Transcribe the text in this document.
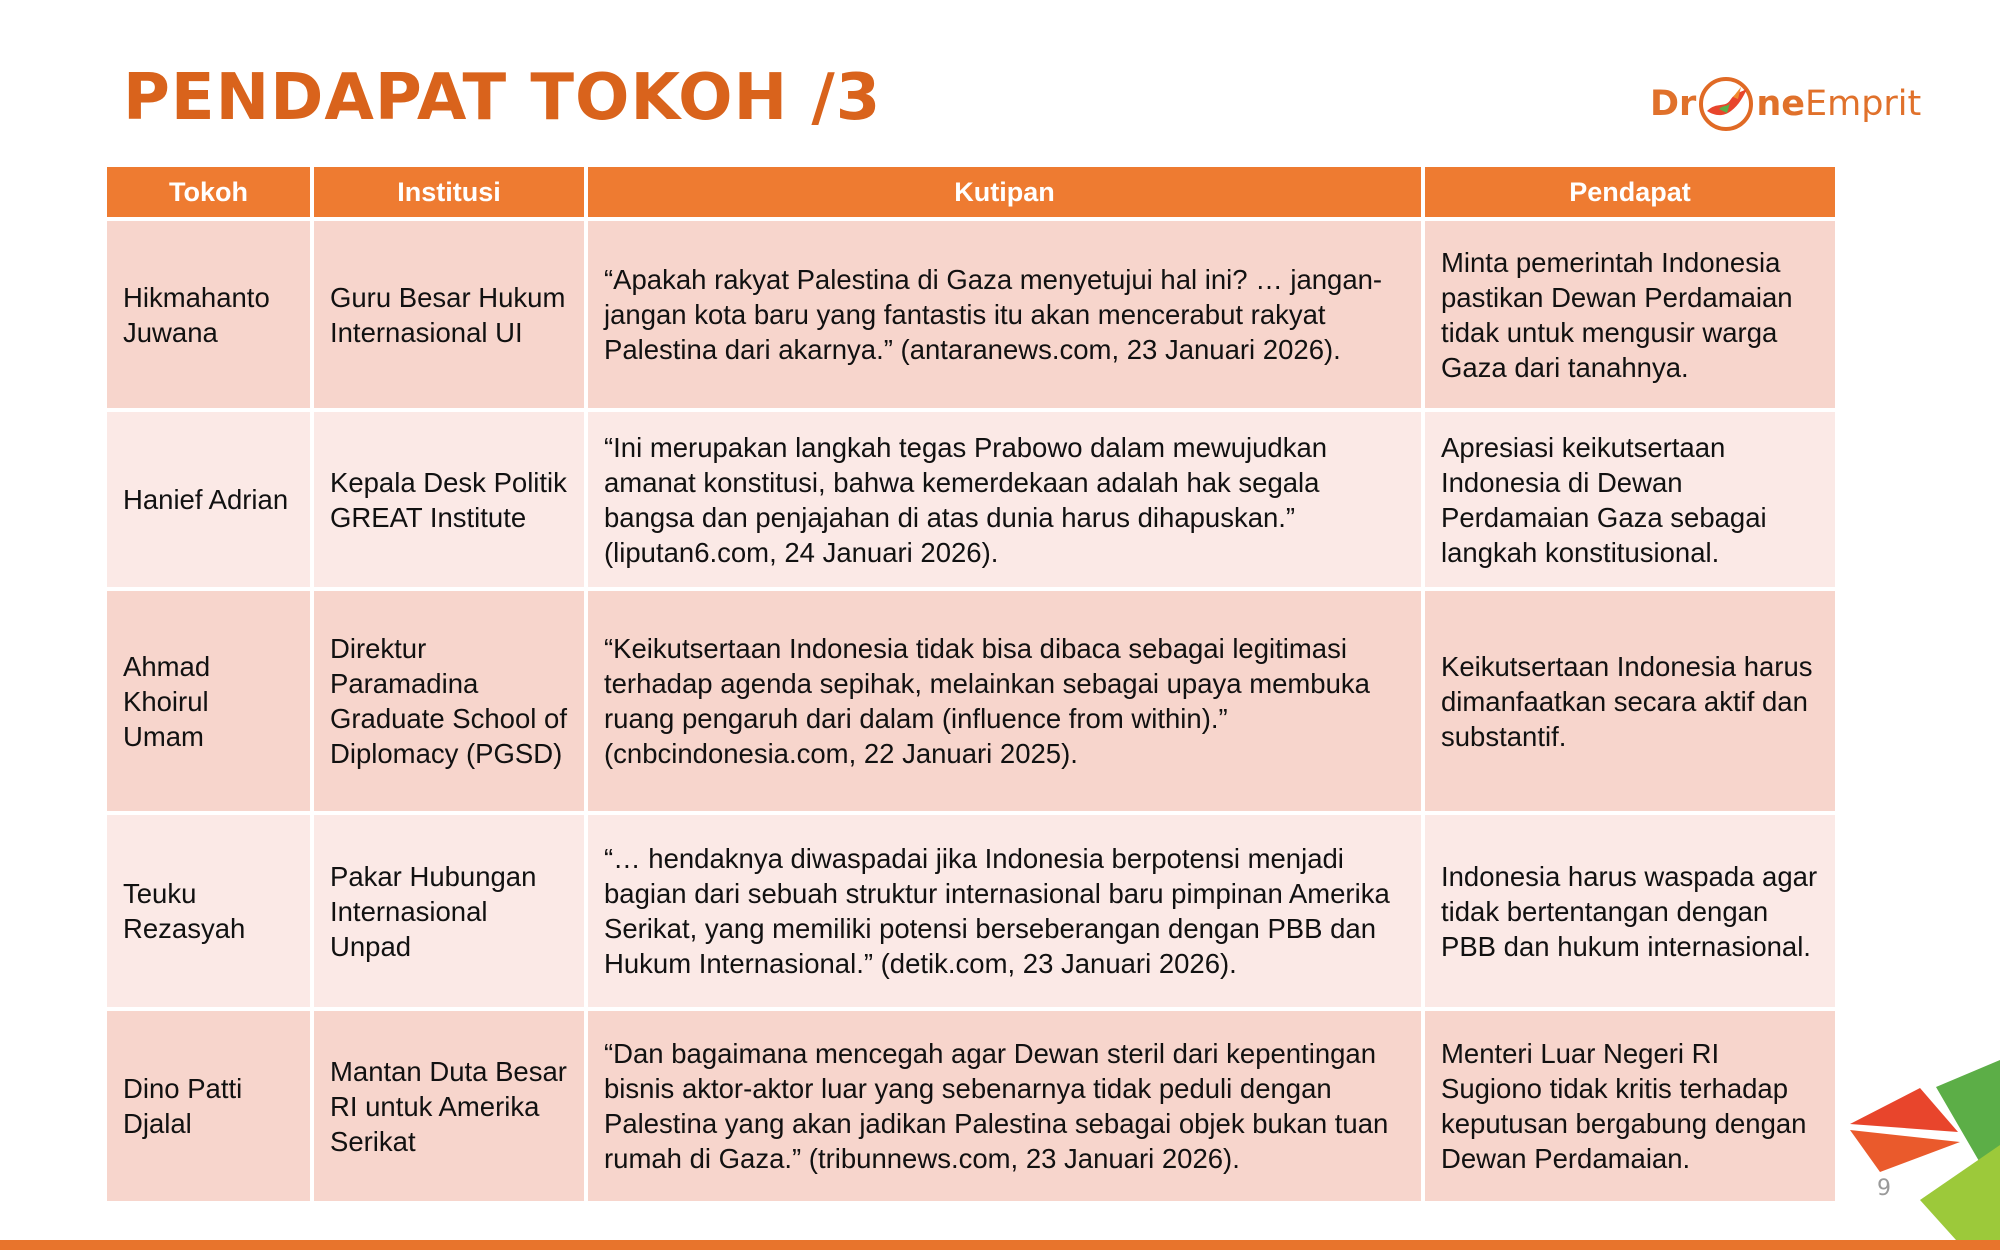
PENDAPAT TOKOH /3	Dr ne Emprit
Tokoh	Institusi	Kutipan	Pendapat
Hikmahanto Juwana	Guru Besar Hukum Internasional UI	“Apakah rakyat Palestina di Gaza menyetujui hal ini? … jangan-jangan kota baru yang fantastis itu akan mencerabut rakyat Palestina dari akarnya.” (antaranews.com, 23 Januari 2026).	Minta pemerintah Indonesia pastikan Dewan Perdamaian tidak untuk mengusir warga Gaza dari tanahnya.
Hanief Adrian	Kepala Desk Politik GREAT Institute	“Ini merupakan langkah tegas Prabowo dalam mewujudkan amanat konstitusi, bahwa kemerdekaan adalah hak segala bangsa dan penjajahan di atas dunia harus dihapuskan.” (liputan6.com, 24 Januari 2026).	Apresiasi keikutsertaan Indonesia di Dewan Perdamaian Gaza sebagai langkah konstitusional.
Ahmad Khoirul Umam	Direktur Paramadina Graduate School of Diplomacy (PGSD)	“Keikutsertaan Indonesia tidak bisa dibaca sebagai legitimasi terhadap agenda sepihak, melainkan sebagai upaya membuka ruang pengaruh dari dalam (influence from within).” (cnbcindonesia.com, 22 Januari 2025).	Keikutsertaan Indonesia harus dimanfaatkan secara aktif dan substantif.
Teuku Rezasyah	Pakar Hubungan Internasional Unpad	“… hendaknya diwaspadai jika Indonesia berpotensi menjadi bagian dari sebuah struktur internasional baru pimpinan Amerika Serikat, yang memiliki potensi berseberangan dengan PBB dan Hukum Internasional.” (detik.com, 23 Januari 2026).	Indonesia harus waspada agar tidak bertentangan dengan PBB dan hukum internasional.
Dino Patti Djalal	Mantan Duta Besar RI untuk Amerika Serikat	“Dan bagaimana mencegah agar Dewan steril dari kepentingan bisnis aktor-aktor luar yang sebenarnya tidak peduli dengan Palestina yang akan jadikan Palestina sebagai objek bukan tuan rumah di Gaza.” (tribunnews.com, 23 Januari 2026).	Menteri Luar Negeri RI Sugiono tidak kritis terhadap keputusan bergabung dengan Dewan Perdamaian.
9
